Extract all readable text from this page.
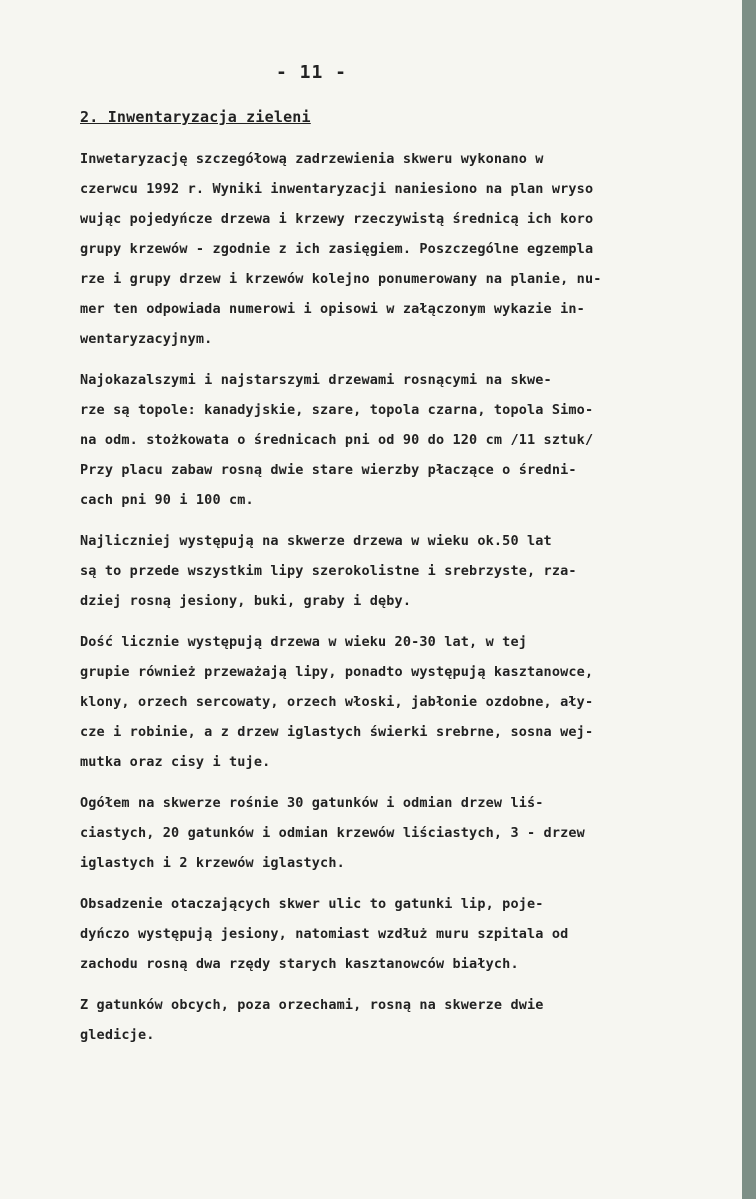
- 11 -
2. Inwentaryzacja zieleni
Inwetaryzację szczegółową zadrzewienia skweru wykonano w
czerwcu 1992 r. Wyniki inwentaryzacji naniesiono na plan wryso
wując pojedyńcze drzewa i krzewy rzeczywistą średnicą ich koro
grupy krzewów - zgodnie z ich zasięgiem. Poszczególne egzempla
rze i grupy drzew i krzewów kolejno ponumerowany na planie, nu-
mer ten odpowiada numerowi i opisowi w załączonym wykazie in-
wentaryzacyjnym.
Najokazalszymi i najstarszymi drzewami rosnącymi na skwe-
rze są topole: kanadyjskie, szare, topola czarna, topola Simo-
na odm. stożkowata o średnicach pni od 90 do 120 cm /11 sztuk/
Przy placu zabaw rosną dwie stare wierzby płaczące o średni-
cach pni 90 i 100 cm.
Najliczniej występują na skwerze drzewa w wieku ok.50 lat
są to przede wszystkim lipy szerokolistne i srebrzyste, rza-
dziej rosną jesiony, buki, graby i dęby.
Dość licznie występują drzewa w wieku 20-30 lat, w tej
grupie również przeważają lipy, ponadto występują kasztanowce,
klony, orzech sercowaty, orzech włoski, jabłonie ozdobne, ały-
cze i robinie, a z drzew iglastych świerki srebrne, sosna wej-
mutka oraz cisy i tuje.
Ogółem na skwerze rośnie 30 gatunków i odmian drzew liś-
ciastych, 20 gatunków i odmian krzewów liściastych, 3 - drzew
iglastych i 2 krzewów iglastych.
Obsadzenie otaczających skwer ulic to gatunki lip, poje-
dyńczo występują jesiony, natomiast wzdłuż muru szpitala od
zachodu rosną dwa rzędy starych kasztanowców białych.
Z gatunków obcych, poza orzechami, rosną na skwerze dwie
gledicje.
